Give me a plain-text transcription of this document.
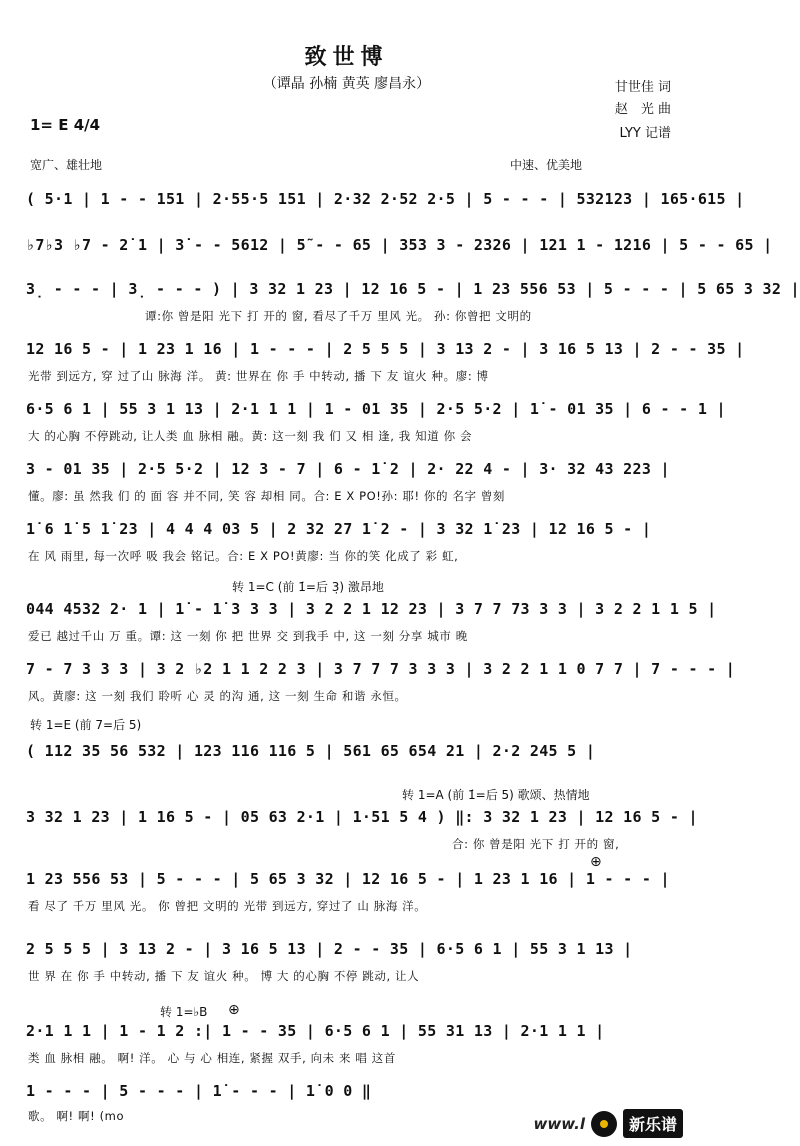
致世博
（谭晶 孙楠 黄英 廖昌永）	甘世佳 词
赵　光 曲
LYY 记谱
1= E 4/4
宽广、雄壮地	中速、优美地
转 1=C (前 1̇=后 3̣) 激昂地
转 1=E (前 7=后 5)
转 1=A (前 1̇=后 5) 歌颂、热情地
转 1=♭B
( 5·1 | 1 - - 151 | 2·55·5 151 | 2·32 2·52 2·5 | 5 - - - | 532123 | 165·615 |
♭7♭3 ♭7 - 2̇ 1 | 3̇ - - 5612 | 5̃ - - 65 | 353 3 - 2326 | 121 1 - 1216 | 5 - - 65 |
3̣ - - - | 3̣ - - - ) | 3 32 1 23 | 12 16 5 - | 1 23 556 53 | 5 - - - | 5 65 3 32 |
谭:你 曾是阳 光下 打 开的 窗, 看尽了千万 里风 光。 孙: 你曾把 文明的
12 16 5 - | 1 23 1 16 | 1 - - - | 2 5 5 5 | 3 13 2 - | 3 16 5 13 | 2 - - 35 |
光带 到远方, 穿 过了山 脉海 洋。 黄: 世界在 你 手 中转动, 播 下 友 谊火 种。廖: 博
6·5 6 1 | 55 3 1 13 | 2·1 1 1 | 1 - 01 35 | 2·5 5·2 | 1̇ - 01 35 | 6 - - 1 |
大 的心胸 不停跳动, 让人类 血 脉相 融。黄: 这一刻 我 们 又 相 逢, 我 知道 你 会
3 - 01 35 | 2·5 5·2 | 12 3 - 7 | 6 - 1̇ 2 | 2· 22 4 - | 3· 32 43 223 |
懂。廖: 虽 然我 们 的 面 容 并不同, 笑 容 却相 同。合: E X PO!孙: 耶! 你的 名字 曾刻
1̇ 6 1̇ 5 1̇ 23 | 4 4 4 03 5 | 2 32 27 1̇ 2 - | 3 32 1̇ 23 | 12 16 5 - |
在 风 雨里, 每一次呼 吸 我会 铭记。合: E X PO!黄廖: 当 你的笑 化成了 彩 虹,
044 4532 2· 1 | 1̇ - 1̇ 3 3 3 | 3 2 2 1 12 23 | 3 7 7 73 3 3 | 3 2 2 1 1 5 |
爱已 越过千山 万 重。谭: 这 一刻 你 把 世界 交 到我手 中, 这 一刻 分享 城市 晚
7 - 7 3 3 3 | 3 2 ♭2 1 1 2 2 3 | 3 7 7 7 3 3 3 | 3 2 2 1 1 0 7 7 | 7 - - - |
风。黄廖: 这 一刻 我们 聆听 心 灵 的沟 通, 这 一刻 生命 和谐 永恒。
( 112 35 56 532 | 123 116 116 5 | 561 65 654 21 | 2·2 245 5 |
3 32 1 23 | 1 16 5 - | 05 63 2·1 | 1·51 5 4 ) ‖: 3 32 1 23 | 12 16 5 - |
合: 你 曾是阳 光下 打 开的 窗,
1 23 556 53 | 5 - - - | 5 65 3 32 | 12 16 5 - | 1 23 1 16 | 1 - - - |
看 尽了 千万 里风 光。 你 曾把 文明的 光带 到远方, 穿过了 山 脉海 洋。
2 5 5 5 | 3 13 2 - | 3 16 5 13 | 2 - - 35 | 6·5 6 1 | 55 3 1 13 |
世 界 在 你 手 中转动, 播 下 友 谊火 种。 博 大 的心胸 不停 跳动, 让人
2·1 1 1 | 1 - 1 2 :| 1 - - 35 | 6·5 6 1 | 55 31 13 | 2·1 1 1 |
类 血 脉相 融。 啊! 洋。 心 与 心 相连, 紧握 双手, 向未 来 唱 这首
1 - - - | 5 - - - | 1̇ - - - | 1̇ 0 0 ‖
歌。 啊! 啊! (mo
⊕
⊕
www.l	新乐谱
